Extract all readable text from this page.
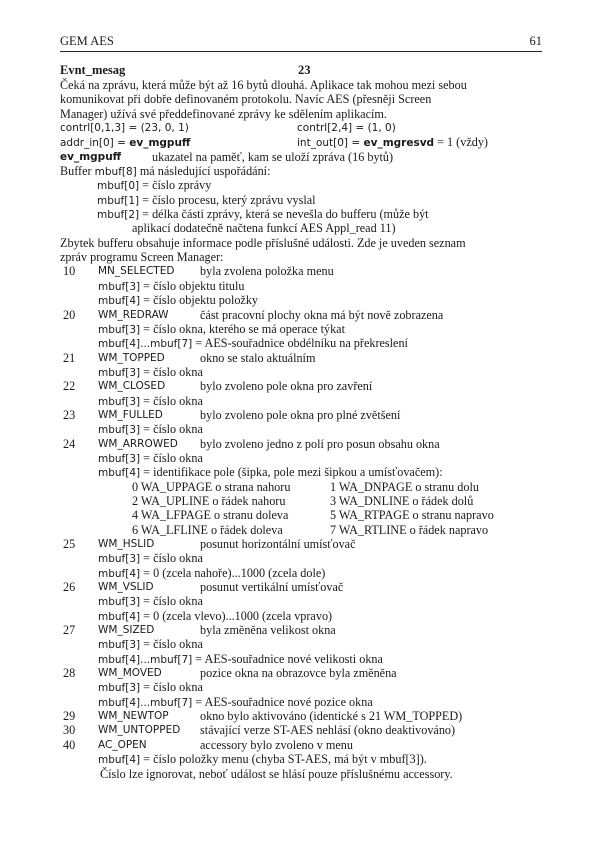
GEM AES	61
Evnt_mesag	23
Čeká na zprávu, která může být až 16 bytů dlouhá. Aplikace tak mohou mezi sebou
komunikovat při dobře definovaném protokolu. Navíc AES (přesněji Screen
Manager) užívá své předdefinované zprávy ke sdělením aplikacím.
contrl[0,1,3] = (23, 0, 1)	contrl[2,4] = (1, 0)
addr_in[0] = ev_mgpuff	int_out[0] = ev_mgresvd = 1 (vždy)
ev_mgpuff	ukazatel na paměť, kam se uloží zpráva (16 bytů)
Buffer mbuf[8] má následující uspořádání:
mbuf[0] = číslo zprávy
mbuf[1] = číslo procesu, který zprávu vyslal
mbuf[2] = délka části zprávy, která se nevešla do bufferu (může být
aplikací dodatečně načtena funkcí AES Appl_read 11)
Zbytek bufferu obsahuje informace podle příslušné události. Zde je uveden seznam
zpráv programu Screen Manager:
10 MN_SELECTED byla zvolena položka menu
mbuf[3] = číslo objektu titulu
mbuf[4] = číslo objektu položky
20 WM_REDRAW	část pracovní plochy okna má být nově zobrazena
mbuf[3] = číslo okna, kterého se má operace týkat
mbuf[4]...mbuf[7] = AES-souřadnice obdélníku na překreslení
21 WM_TOPPED	okno se stalo aktuálním
mbuf[3] = číslo okna
22 WM_CLOSED	bylo zvoleno pole okna pro zavření
mbuf[3] = číslo okna
23 WM_FULLED	bylo zvoleno pole okna pro plné zvětšení
mbuf[3] = číslo okna
24 WM_ARROWED bylo zvoleno jedno z polí pro posun obsahu okna
mbuf[3] = číslo okna
mbuf[4] = identifikace pole (šipka, pole mezi šipkou a umísťovačem):
0 WA_UPPAGE o strana nahoru	1 WA_DNPAGE o stranu dolu
2 WA_UPLINE o řádek nahoru	3 WA_DNLINE o řádek dolů
4 WA_LFPAGE o stranu doleva	5 WA_RTPAGE o stranu napravo
6 WA_LFLINE o řádek doleva	7 WA_RTLINE o řádek napravo
25 WM_HSLID	posunut horizontální umísťovač
mbuf[3] = číslo okna
mbuf[4] = 0 (zcela nahoře)...1000 (zcela dole)
26 WM_VSLID	posunut vertikální umísťovač
mbuf[3] = číslo okna
mbuf[4] = 0 (zcela vlevo)...1000 (zcela vpravo)
27 WM_SIZED	byla změněna velikost okna
mbuf[3] = číslo okna
mbuf[4]...mbuf[7] = AES-souřadnice nové velikosti okna
28 WM_MOVED	pozice okna na obrazovce byla změněna
mbuf[3] = číslo okna
mbuf[4]...mbuf[7] = AES-souřadnice nové pozice okna
29 WM_NEWTOP	okno bylo aktivováno (identické s 21 WM_TOPPED)
30 WM_UNTOPPED stávající verze ST-AES nehlásí (okno deaktivováno)
40 AC_OPEN	accessory bylo zvoleno v menu
mbuf[4] = číslo položky menu (chyba ST-AES, má být v mbuf[3]).
Číslo lze ignorovat, neboť událost se hlásí pouze příslušnému accessory.
